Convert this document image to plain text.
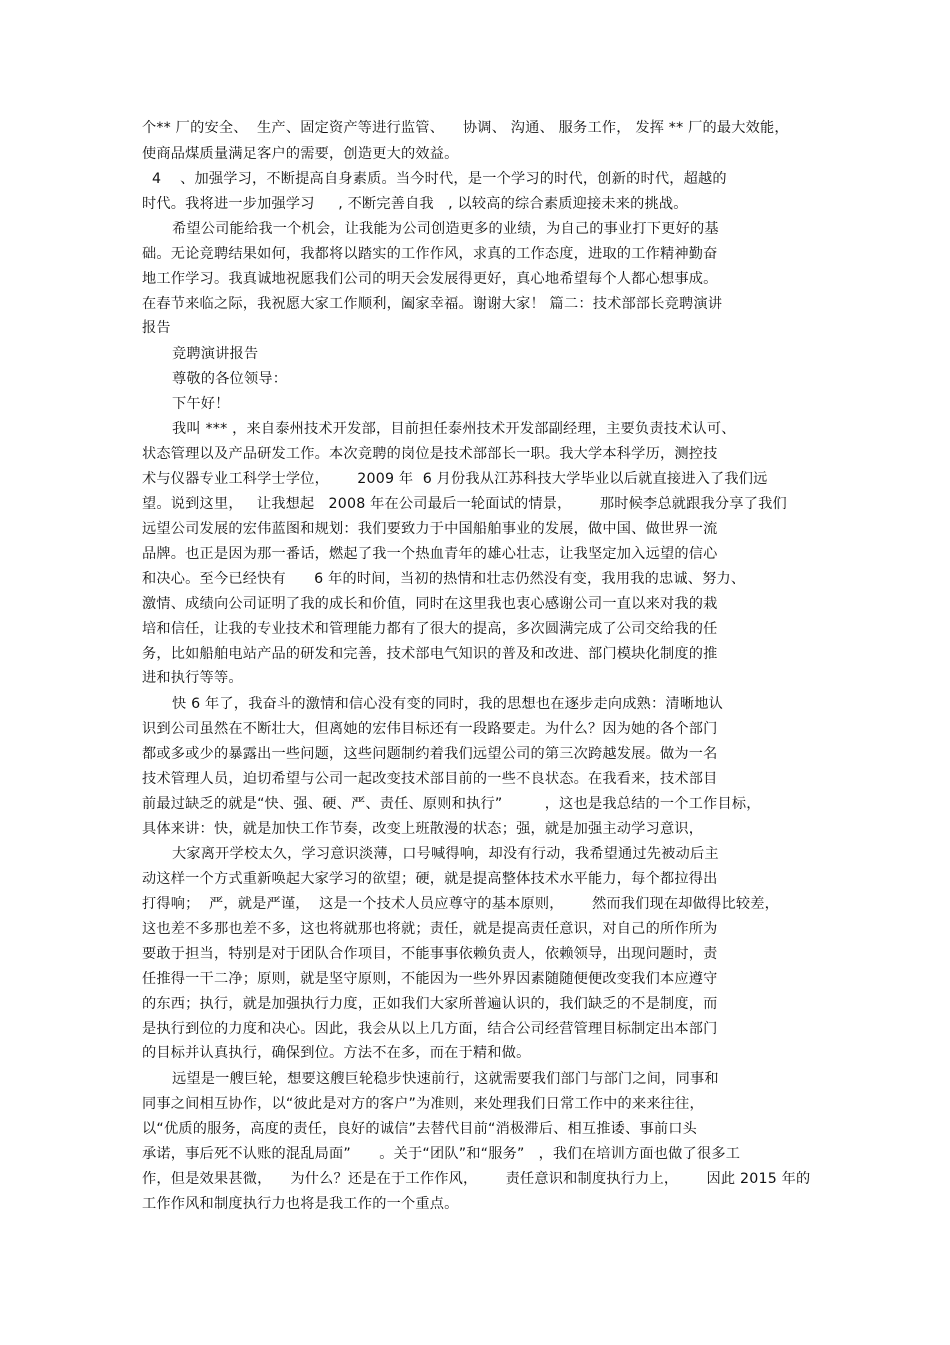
个** 厂的安全、  生产、固定资产等进行监管、    协调、 沟通、 服务工作， 发挥 ** 厂的最大效能，
使商品煤质量满足客户的需要，创造更大的效益。
4    、加强学习，不断提高自身素质。当今时代，是一个学习的时代，创新的时代，超越的
时代。我将进一步加强学习     , 不断完善自我   , 以较高的综合素质迎接未来的挑战。
希望公司能给我一个机会，让我能为公司创造更多的业绩，为自己的事业打下更好的基
础。无论竞聘结果如何，我都将以踏实的工作作风，求真的工作态度，进取的工作精神勤奋
地工作学习。我真诚地祝愿我们公司的明天会发展得更好，真心地希望每个人都心想事成。
在春节来临之际，我祝愿大家工作顺利，阖家幸福。谢谢大家！ 篇二：技术部部长竞聘演讲
报告
竞聘演讲报告
尊敬的各位领导：
下午好！
我叫 *** ，来自泰州技术开发部，目前担任泰州技术开发部副经理，主要负责技术认可、
状态管理以及产品研发工作。本次竞聘的岗位是技术部部长一职。我大学本科学历，测控技
术与仪器专业工科学士学位，      2009 年  6 月份我从江苏科技大学毕业以后就直接进入了我们远
望。说到这里，   让我想起   2008 年在公司最后一轮面试的情景，      那时候李总就跟我分享了我们
远望公司发展的宏伟蓝图和规划：我们要致力于中国船舶事业的发展，做中国、做世界一流
品牌。也正是因为那一番话，燃起了我一个热血青年的雄心壮志，让我坚定加入远望的信心
和决心。至今已经快有      6 年的时间，当初的热情和壮志仍然没有变，我用我的忠诚、努力、
激情、成绩向公司证明了我的成长和价值，同时在这里我也衷心感谢公司一直以来对我的栽
培和信任，让我的专业技术和管理能力都有了很大的提高，多次圆满完成了公司交给我的任
务，比如船舶电站产品的研发和完善，技术部电气知识的普及和改进、部门模块化制度的推
进和执行等等。
快 6 年了，我奋斗的激情和信心没有变的同时，我的思想也在逐步走向成熟：清晰地认
识到公司虽然在不断壮大，但离她的宏伟目标还有一段路要走。为什么？因为她的各个部门
都或多或少的暴露出一些问题，这些问题制约着我们远望公司的第三次跨越发展。做为一名
技术管理人员，迫切希望与公司一起改变技术部目前的一些不良状态。在我看来，技术部目
前最过缺乏的就是“快、强、硬、严、责任、原则和执行”         ，这也是我总结的一个工作目标，
具体来讲：快，就是加快工作节奏，改变上班散漫的状态；强，就是加强主动学习意识，
大家离开学校太久，学习意识淡薄，口号喊得响，却没有行动，我希望通过先被动后主
动这样一个方式重新唤起大家学习的欲望；硬，就是提高整体技术水平能力，每个都拉得出
打得响；  严，就是严谨，  这是一个技术人员应尊守的基本原则，      然而我们现在却做得比较差，
这也差不多那也差不多，这也将就那也将就；责任，就是提高责任意识，对自己的所作所为
要敢于担当，特别是对于团队合作项目，不能事事依赖负责人，依赖领导，出现问题时，责
任推得一干二净；原则，就是坚守原则，不能因为一些外界因素随随便便改变我们本应遵守
的东西；执行，就是加强执行力度，正如我们大家所普遍认识的，我们缺乏的不是制度，而
是执行到位的力度和决心。因此，我会从以上几方面，结合公司经营管理目标制定出本部门
的目标并认真执行，确保到位。方法不在多，而在于精和做。
远望是一艘巨轮，想要这艘巨轮稳步快速前行，这就需要我们部门与部门之间，同事和
同事之间相互协作，以“彼此是对方的客户”为准则，来处理我们日常工作中的来来往往，
以“优质的服务，高度的责任，良好的诚信”去替代目前“消极滞后、相互推诿、事前口头
承诺，事后死不认账的混乱局面”      。关于“团队”和“服务”   ，我们在培训方面也做了很多工
作，但是效果甚微，    为什么？还是在于工作作风，      责任意识和制度执行力上，      因此 2015 年的
工作作风和制度执行力也将是我工作的一个重点。
